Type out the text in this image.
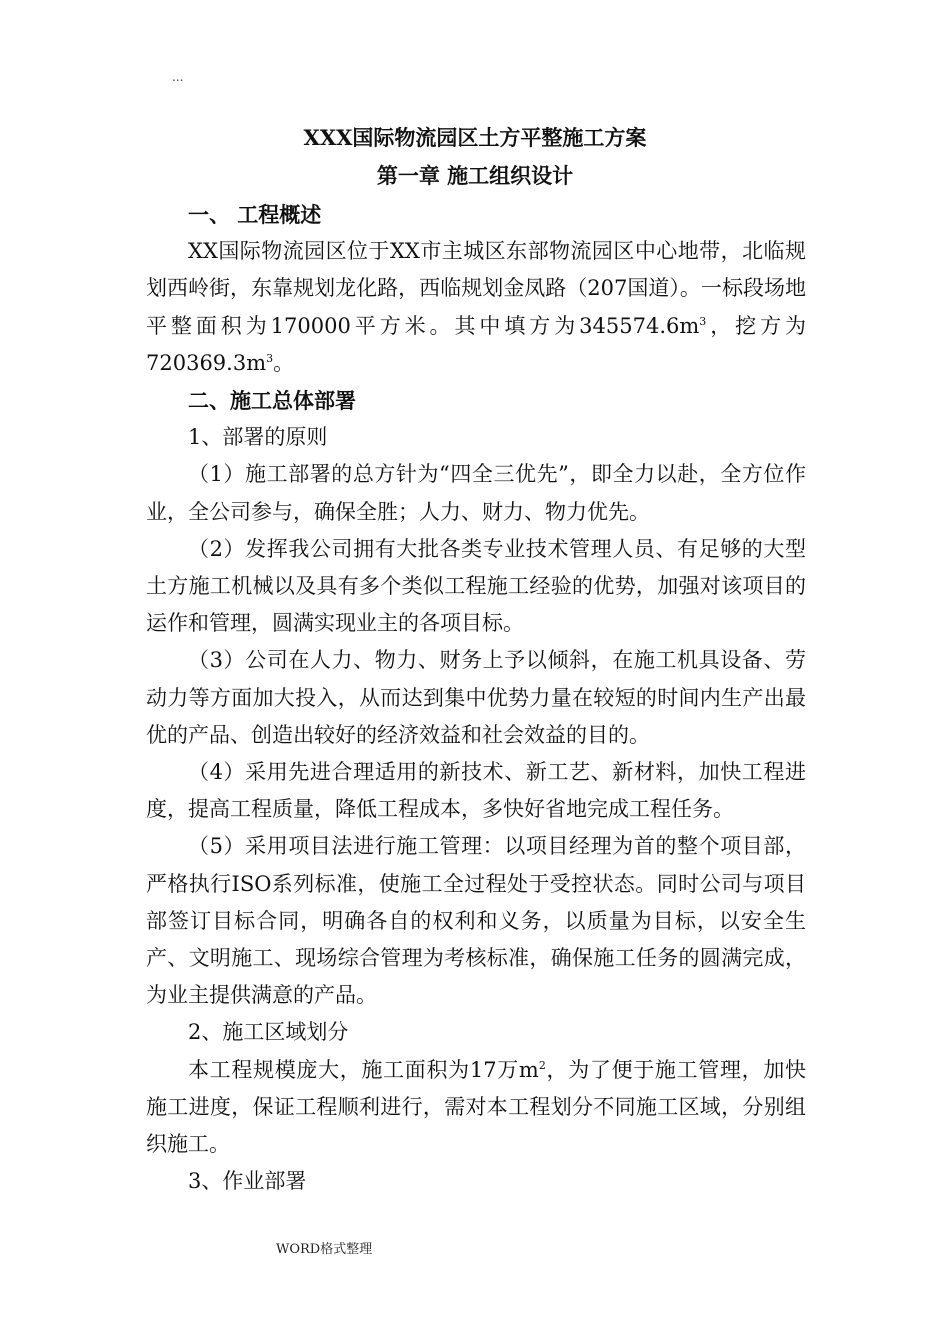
...
XXX国际物流园区土方平整施工方案
第一章 施工组织设计

一、 工程概述

XX国际物流园区位于XX市主城区东部物流园区中心地带，北临规划西岭街，东靠规划龙化路，西临规划金凤路（207国道）。一标段场地平整面积为170000平方米。其中填方为$345574.6m^3$，挖方为$720369.3m^3$。

二、施工总体部署

1、部署的原则

（1）施工部署的总方针为“四全三优先”，即全力以赴，全方位作业，全公司参与，确保全胜；人力、财力、物力优先。

（2）发挥我公司拥有大批各类专业技术管理人员、有足够的大型土方施工机械以及具有多个类似工程施工经验的优势，加强对该项目的运作和管理，圆满实现业主的各项目标。

（3）公司在人力、物力、财务上予以倾斜，在施工机具设备、劳动力等方面加大投入，从而达到集中优势力量在较短的时间内生产出最优的产品、创造出较好的经济效益和社会效益的目的。

（4）采用先进合理适用的新技术、新工艺、新材料，加快工程进度，提高工程质量，降低工程成本，多快好省地完成工程任务。

（5）采用项目法进行施工管理：以项目经理为首的整个项目部，严格执行ISO系列标准，使施工全过程处于受控状态。同时公司与项目部签订目标合同，明确各自的权利和义务，以质量为目标，以安全生产、文明施工、现场综合管理为考核标准，确保施工任务的圆满完成，为业主提供满意的产品。

2、施工区域划分

本工程规模庞大，施工面积为17万$m^2$，为了便于施工管理，加快施工进度，保证工程顺利进行，需对本工程划分不同施工区域，分别组织施工。

3、作业部署

WORD格式整理
